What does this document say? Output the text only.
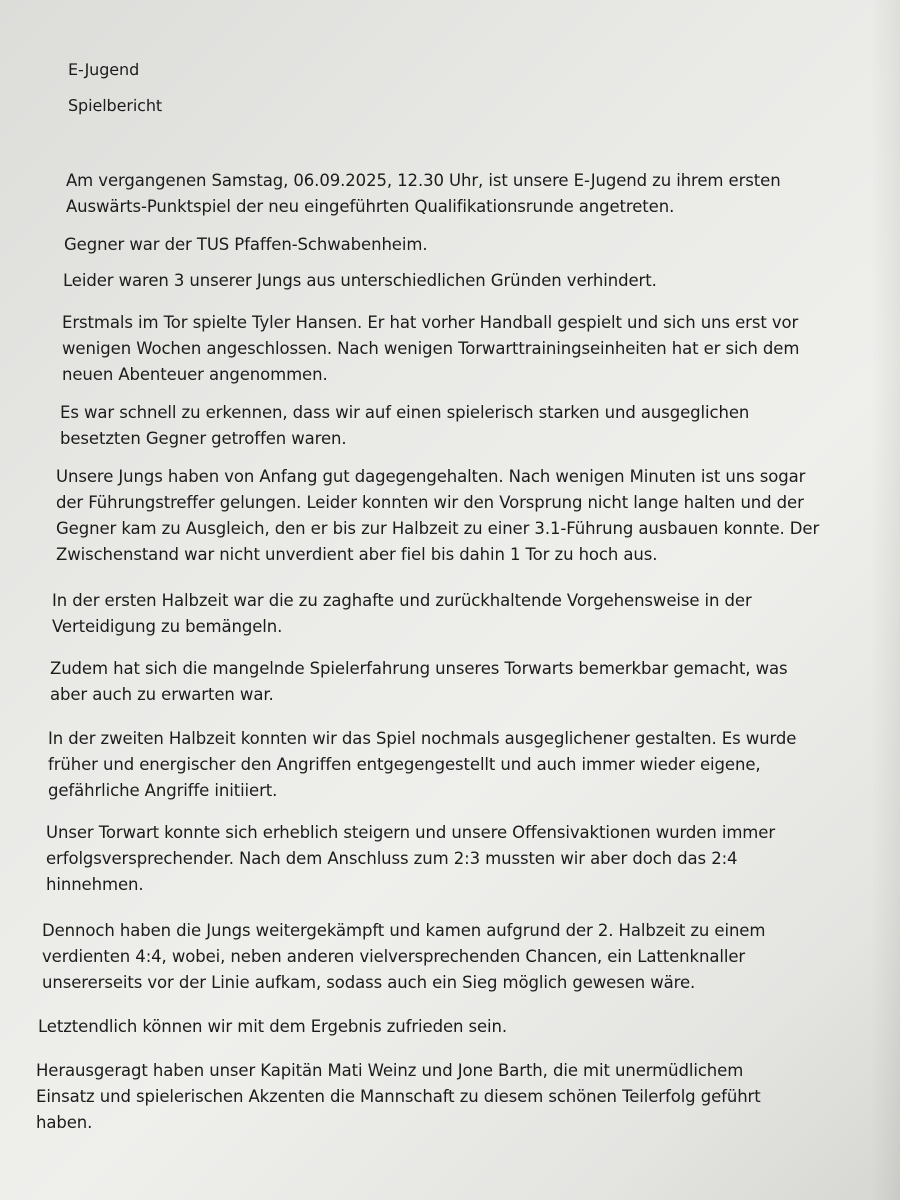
E-Jugend
Spielbericht
Am vergangenen Samstag, 06.09.2025, 12.30 Uhr, ist unsere E-Jugend zu ihrem ersten
Auswärts-Punktspiel der neu eingeführten Qualifikationsrunde angetreten.
Gegner war der TUS Pfaffen-Schwabenheim.
Leider waren 3 unserer Jungs aus unterschiedlichen Gründen verhindert.
Erstmals im Tor spielte Tyler Hansen. Er hat vorher Handball gespielt und sich uns erst vor
wenigen Wochen angeschlossen. Nach wenigen Torwarttrainingseinheiten hat er sich dem
neuen Abenteuer angenommen.
Es war schnell zu erkennen, dass wir auf einen spielerisch starken und ausgeglichen
besetzten Gegner getroffen waren.
Unsere Jungs haben von Anfang gut dagegengehalten. Nach wenigen Minuten ist uns sogar
der Führungstreffer gelungen. Leider konnten wir den Vorsprung nicht lange halten und der
Gegner kam zu Ausgleich, den er bis zur Halbzeit zu einer 3.1-Führung ausbauen konnte. Der
Zwischenstand war nicht unverdient aber fiel bis dahin 1 Tor zu hoch aus.
In der ersten Halbzeit war die zu zaghafte und zurückhaltende Vorgehensweise in der
Verteidigung zu bemängeln.
Zudem hat sich die mangelnde Spielerfahrung unseres Torwarts bemerkbar gemacht, was
aber auch zu erwarten war.
In der zweiten Halbzeit konnten wir das Spiel nochmals ausgeglichener gestalten. Es wurde
früher und energischer den Angriffen entgegengestellt und auch immer wieder eigene,
gefährliche Angriffe initiiert.
Unser Torwart konnte sich erheblich steigern und unsere Offensivaktionen wurden immer
erfolgsversprechender. Nach dem Anschluss zum 2:3 mussten wir aber doch das 2:4
hinnehmen.
Dennoch haben die Jungs weitergekämpft und kamen aufgrund der 2. Halbzeit zu einem
verdienten 4:4, wobei, neben anderen vielversprechenden Chancen, ein Lattenknaller
unsererseits vor der Linie aufkam, sodass auch ein Sieg möglich gewesen wäre.
Letztendlich können wir mit dem Ergebnis zufrieden sein.
Herausgeragt haben unser Kapitän Mati Weinz und Jone Barth, die mit unermüdlichem
Einsatz und spielerischen Akzenten die Mannschaft zu diesem schönen Teilerfolg geführt
haben.
